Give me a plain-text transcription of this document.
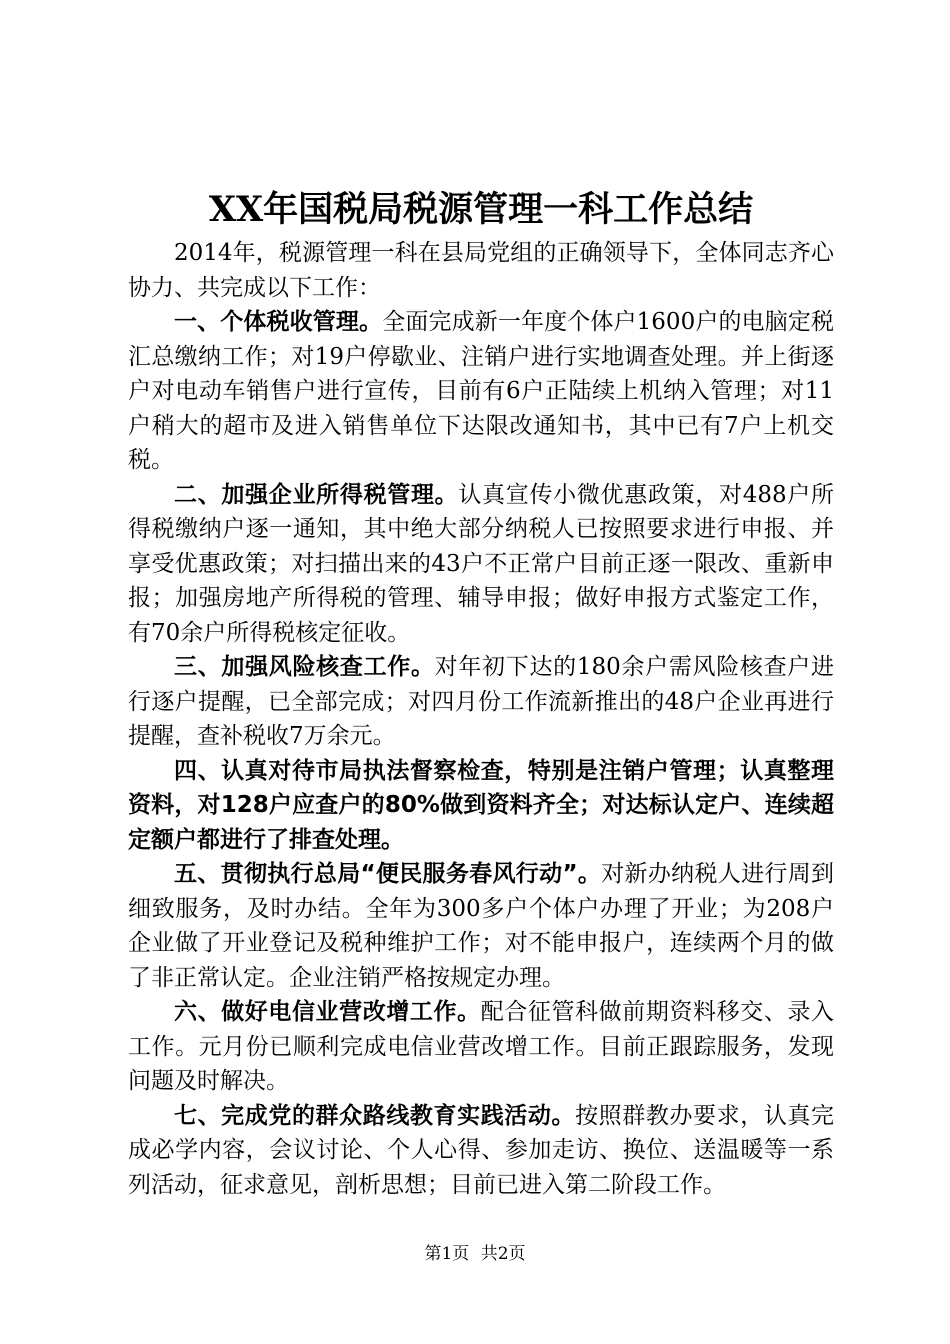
XX年国税局税源管理一科工作总结

2014年，税源管理一科在县局党组的正确领导下，全体同志齐心协力、共完成以下工作：

一、个体税收管理。全面完成新一年度个体户1600户的电脑定税汇总缴纳工作；对19户停歇业、注销户进行实地调查处理。并上街逐户对电动车销售户进行宣传，目前有6户正陆续上机纳入管理；对11户稍大的超市及进入销售单位下达限改通知书，其中已有7户上机交税。

二、加强企业所得税管理。认真宣传小微优惠政策，对488户所得税缴纳户逐一通知，其中绝大部分纳税人已按照要求进行申报、并享受优惠政策；对扫描出来的43户不正常户目前正逐一限改、重新申报；加强房地产所得税的管理、辅导申报；做好申报方式鉴定工作，有70余户所得税核定征收。

三、加强风险核查工作。对年初下达的180余户需风险核查户进行逐户提醒，已全部完成；对四月份工作流新推出的48户企业再进行提醒，查补税收7万余元。

四、认真对待市局执法督察检查，特别是注销户管理；认真整理资料，对128户应查户的80%做到资料齐全；对达标认定户、连续超定额户都进行了排查处理。

五、贯彻执行总局“便民服务春风行动”。对新办纳税人进行周到细致服务，及时办结。全年为300多户个体户办理了开业；为208户企业做了开业登记及税种维护工作；对不能申报户，连续两个月的做了非正常认定。企业注销严格按规定办理。

六、做好电信业营改增工作。配合征管科做前期资料移交、录入工作。元月份已顺利完成电信业营改增工作。目前正跟踪服务，发现问题及时解决。

七、完成党的群众路线教育实践活动。按照群教办要求，认真完成必学内容，会议讨论、个人心得、参加走访、换位、送温暖等一系列活动，征求意见，剖析思想；目前已进入第二阶段工作。

第1页 共2页
